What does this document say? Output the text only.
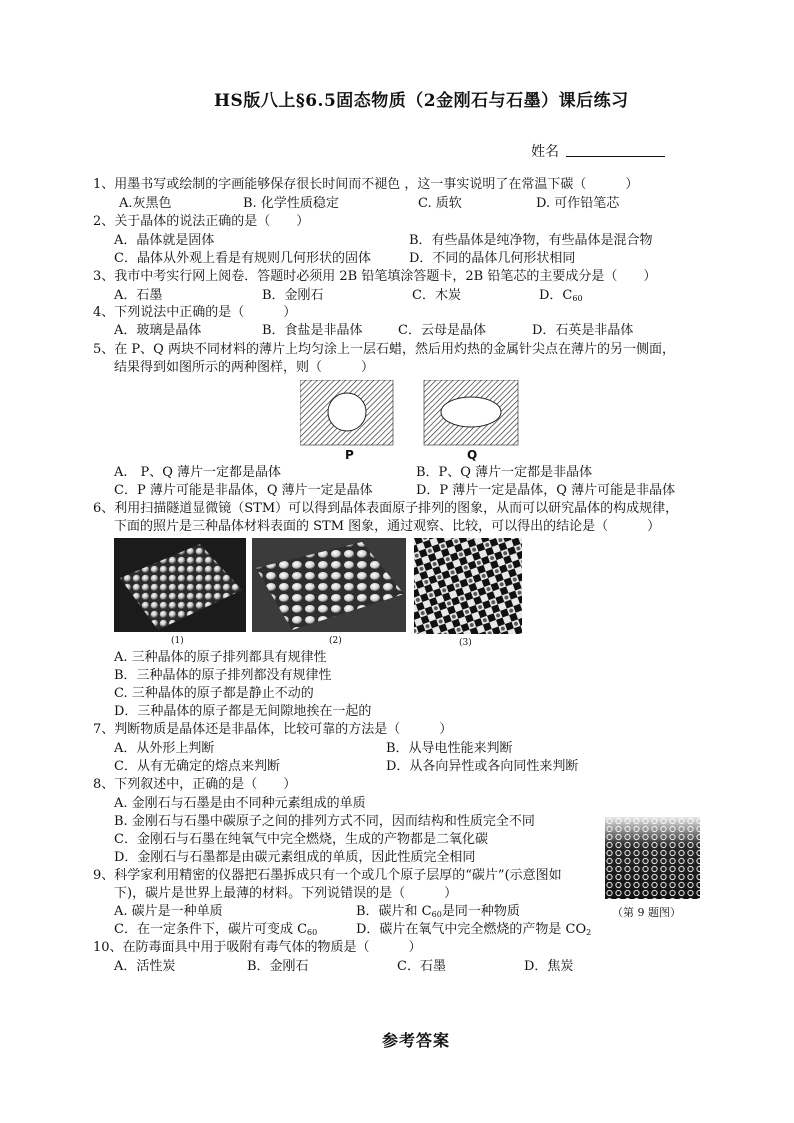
HS版八上§6.5固态物质（2金刚石与石墨）课后练习
姓名
1、用墨书写或绘制的字画能够保存很长时间而不褪色 ，这一事实说明了在常温下碳（　　　）
A.灰黑色	B. 化学性质稳定	C. 质软	D. 可作铅笔芯
2、关于晶体的说法正确的是（　　）
A．晶体就是固体	B．有些晶体是纯净物，有些晶体是混合物
C．晶体从外观上看是有规则几何形状的固体	D．不同的晶体几何形状相同
3、我市中考实行网上阅卷．答题时必须用 2B 铅笔填涂答题卡，2B 铅笔芯的主要成分是（　　）
A．石墨	B．金刚石	C．木炭	D．$C_{60}$
4、下列说法中正确的是（　　　）
A．玻璃是晶体	B．食盐是非晶体	C．云母是晶体	D．石英是非晶体
5、在 P、Q 两块不同材料的薄片上均匀涂上一层石蜡，然后用灼热的金属针尖点在薄片的另一侧面，
结果得到如图所示的两种图样，则（　　　）
P	Q
A.　P、Q 薄片一定都是晶体	B．P、Q 薄片一定都是非晶体
C．P 薄片可能是非晶体，Q 薄片一定是晶体	D．P 薄片一定是晶体，Q 薄片可能是非晶体
6、利用扫描隧道显微镜（STM）可以得到晶体表面原子排列的图象，从而可以研究晶体的构成规律，
下面的照片是三种晶体材料表面的 STM 图象，通过观察、比较，可以得出的结论是（　　　）
(1)	(2)	(3)
A. 三种晶体的原子排列都具有规律性
B．三种晶体的原子排列都没有规律性
C. 三种晶体的原子都是静止不动的
D．三种晶体的原子都是无间隙地挨在一起的
7、判断物质是晶体还是非晶体，比较可靠的方法是（　　　）
A．从外形上判断	B．从导电性能来判断
C．从有无确定的熔点来判断	D．从各向异性或各向同性来判断
8、下列叙述中，正确的是（　　）
A. 金刚石与石墨是由不同种元素组成的单质
B. 金刚石与石墨中碳原子之间的排列方式不同，因而结构和性质完全不同
C．金刚石与石墨在纯氧气中完全燃烧，生成的产物都是二氧化碳
D．金刚石与石墨都是由碳元素组成的单质，因此性质完全相同
9、科学家利用精密的仪器把石墨拆成只有一个或几个原子层厚的“碳片”(示意图如
下)，碳片是世界上最薄的材料。下列说错误的是（　　　）
（第 9 题图）
A. 碳片是一种单质	B．碳片和 $C_{60}$是同一种物质
C．在一定条件下，碳片可变成 $C_{60}$	D．碳片在氧气中完全燃烧的产物是 $CO_2$
10、在防毒面具中用于吸附有毒气体的物质是（　　　）
A．活性炭	B．金刚石	C．石墨	D．焦炭
参考答案
